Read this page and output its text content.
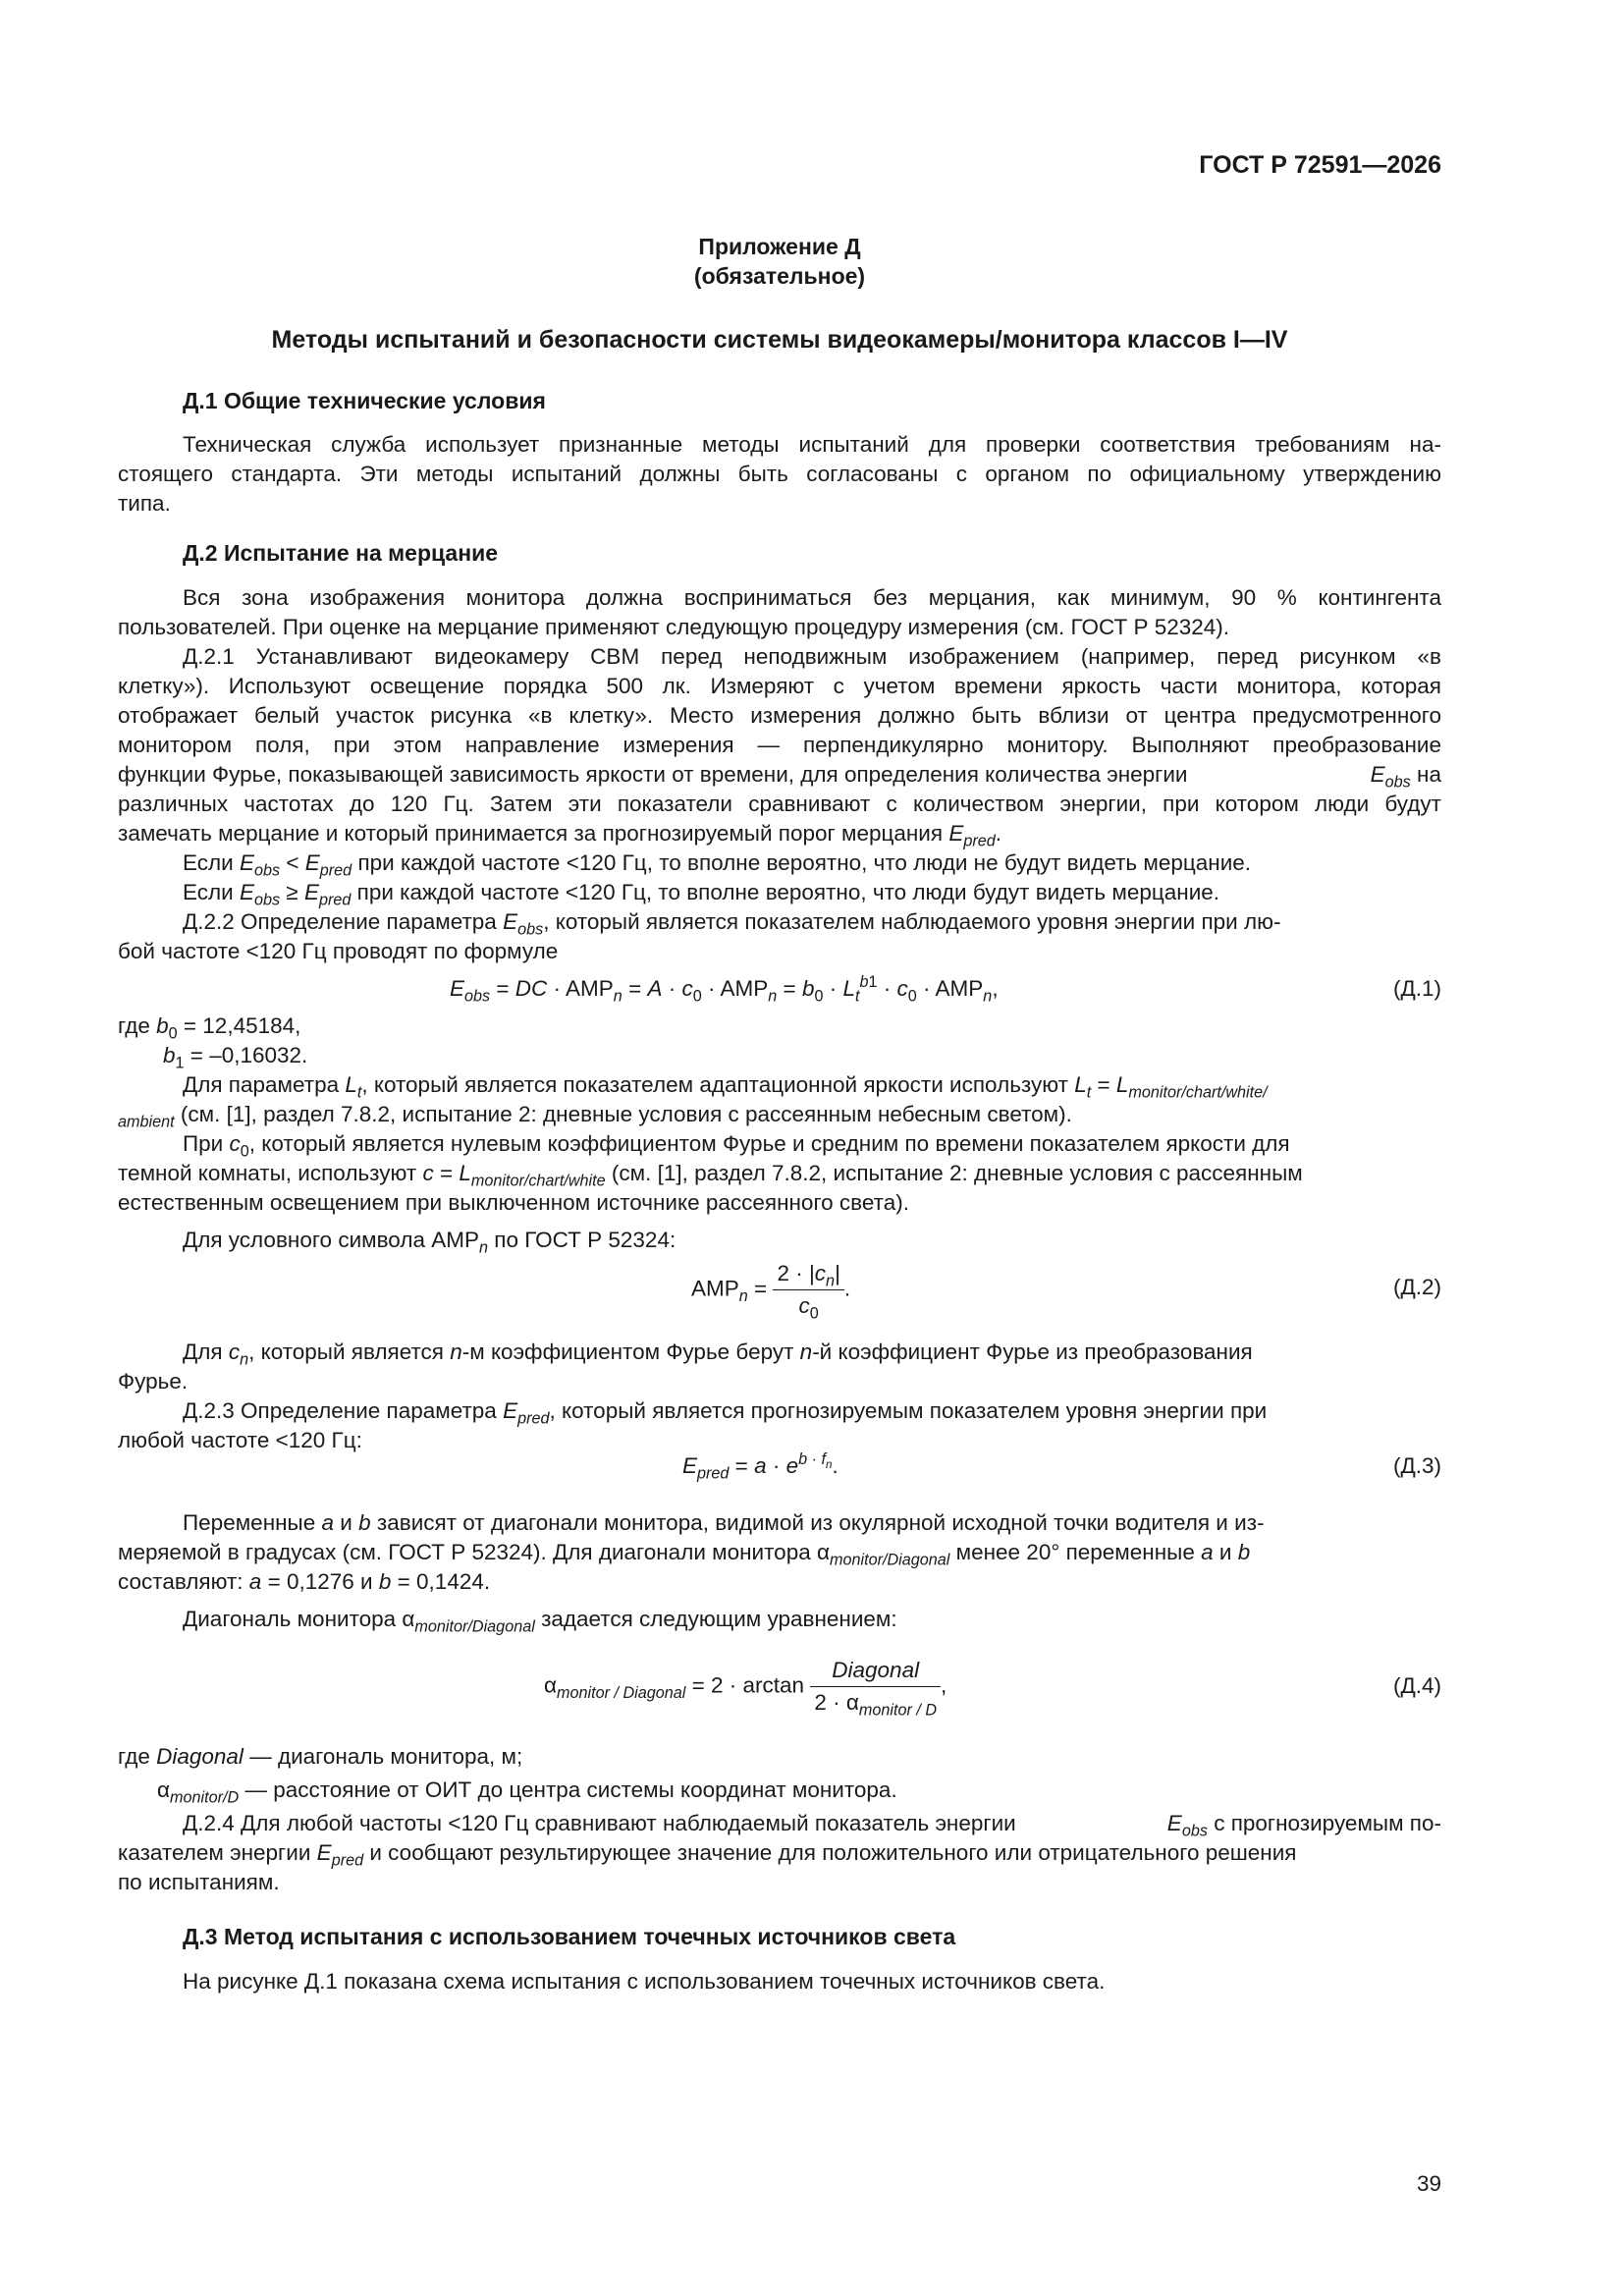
ГОСТ Р 72591—2026
Приложение Д
(обязательное)
Методы испытаний и безопасности системы видеокамеры/монитора классов I—IV
Д.1 Общие технические условия
Техническая служба использует признанные методы испытаний для проверки соответствия требованиям на-
стоящего стандарта. Эти методы испытаний должны быть согласованы с органом по официальному утверждению
типа.
Д.2 Испытание на мерцание
Вся зона изображения монитора должна восприниматься без мерцания, как минимум, 90 % контингента
пользователей. При оценке на мерцание применяют следующую процедуру измерения (см. ГОСТ Р 52324).
Д.2.1 Устанавливают видеокамеру СВМ перед неподвижным изображением (например, перед рисунком «в
клетку»). Используют освещение порядка 500 лк. Измеряют с учетом времени яркость части монитора, которая
отображает белый участок рисунка «в клетку». Место измерения должно быть вблизи от центра предусмотренного
монитором поля, при этом направление измерения — перпендикулярно монитору. Выполняют преобразование
функции Фурье, показывающей зависимость яркости от времени, для определения количества энергии	$E_{obs}$ на
различных частотах до 120 Гц. Затем эти показатели сравнивают с количеством энергии, при котором люди будут
замечать мерцание и который принимается за прогнозируемый порог мерцания $E_{pred}$.
Если $E_{obs} < E_{pred}$ при каждой частоте <120 Гц, то вполне вероятно, что люди не будут видеть мерцание.
Если $E_{obs} \ge E_{pred}$ при каждой частоте <120 Гц, то вполне вероятно, что люди будут видеть мерцание.
Д.2.2 Определение параметра $E_{obs}$, который является показателем наблюдаемого уровня энергии при лю-
бой частоте <120 Гц проводят по формуле
$E_{obs}$ = DC · $AMP_n = A \cdot c_0 \cdot AMP_n = b_0 \cdot L_t^{b1} \cdot c_0 \cdot AMP_n$,	(Д.1)
где $b_0 = 12,45184$,
$b_1 = -0,16032$.
Для параметра $L_t$, который является показателем адаптационной яркости используют $L_t = L_{monitor/chart/white/}$
$_{ambient}$ (см. [1], раздел 7.8.2, испытание 2: дневные условия с рассеянным небесным светом).
При $c_0$, который является нулевым коэффициентом Фурье и средним по времени показателем яркости для
темной комнаты, используют $c = L_{monitor/chart/white}$ (см. [1], раздел 7.8.2, испытание 2: дневные условия с рассеянным
естественным освещением при выключенном источнике рассеянного света).
Для условного символа $AMP_n$ по ГОСТ Р 52324:
$AMP_n = \frac{2 \cdot |c_n|}{c_0}$ .	(Д.2)
Для $c_n$, который является n-м коэффициентом Фурье берут n-й коэффициент Фурье из преобразования
Фурье.
Д.2.3 Определение параметра $E_{pred}$, который является прогнозируемым показателем уровня энергии при
любой частоте <120 Гц:
$E_{pred} = a \cdot e^{b \cdot f_n}$.	(Д.3)
Переменные a и b зависят от диагонали монитора, видимой из окулярной исходной точки водителя и из-
меряемой в градусах (см. ГОСТ Р 52324). Для диагонали монитора $\alpha_{monitor/Diagonal}$ менее 20° переменные a и b
составляют: a = 0,1276 и b = 0,1424.
Диагональ монитора $\alpha_{monitor/Diagonal}$ задается следующим уравнением:
$\alpha_{monitor / Diagonal} = 2 \cdot \arctan \frac{\text{Diagonal}}{2 \cdot \alpha_{monitor / D}}$ ,	(Д.4)
где Diagonal — диагональ монитора, м;
$\alpha_{monitor/D}$ — расстояние от ОИТ до центра системы координат монитора.
Д.2.4 Для любой частоты <120 Гц сравнивают наблюдаемый показатель энергии	$E_{obs}$ с прогнозируемым по-
казателем энергии $E_{pred}$ и сообщают результирующее значение для положительного или отрицательного решения
по испытаниям.
Д.3 Метод испытания с использованием точечных источников света
На рисунке Д.1 показана схема испытания с использованием точечных источников света.
39
